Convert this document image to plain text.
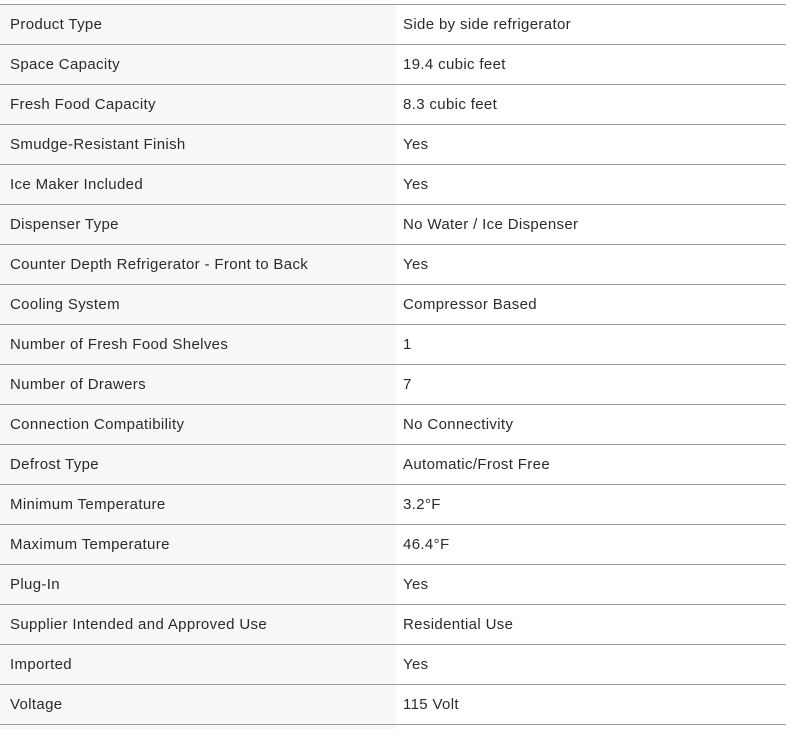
Product Type	Side by side refrigerator
Space Capacity	19.4 cubic feet
Fresh Food Capacity	8.3 cubic feet
Smudge-Resistant Finish	Yes
Ice Maker Included	Yes
Dispenser Type	No Water / Ice Dispenser
Counter Depth Refrigerator - Front to Back	Yes
Cooling System	Compressor Based
Number of Fresh Food Shelves	1
Number of Drawers	7
Connection Compatibility	No Connectivity
Defrost Type	Automatic/Frost Free
Minimum Temperature	3.2°F
Maximum Temperature	46.4°F
Plug-In	Yes
Supplier Intended and Approved Use	Residential Use
Imported	Yes
Voltage	115 Volt
